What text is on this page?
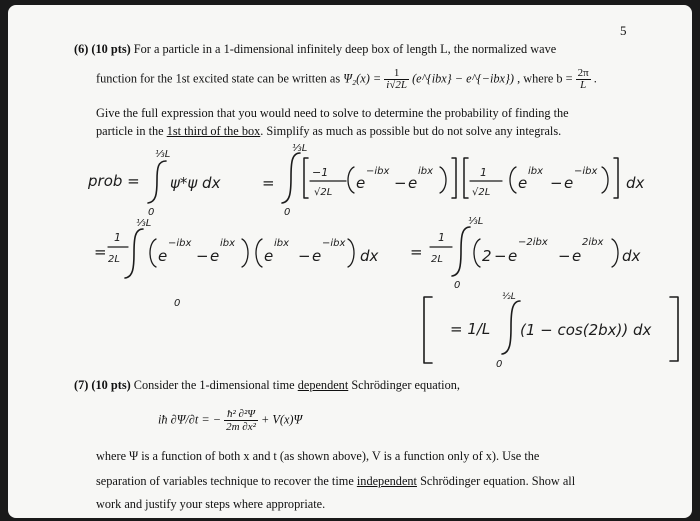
5
(6) (10 pts) For a particle in a 1-dimensional infinitely deep box of length L, the normalized wave
function for the 1st excited state can be written as $\Psi_2(x) = \frac{1}{i√2L}$ (e^{ibx} − e^{−ibx}) , where $b = \frac{2\pi}{L}$ .
Give the full expression that you would need to solve to determine the probability of finding the
particle in the 1st third of the box. Simplify as much as possible but do not solve any integrals.
prob =
⅓L
0
ψ*ψ dx	=
⅓L
0
−1
√2L
e
−ibx
− e
ibx	1
√2L
e
ibx
− e
−ibx
dx
=
1
2L
⅓L
0
e
−ibx
− e
ibx
e
ibx
− e
−ibx
dx =
1
2L
⅓L
0
2 − e
−2ibx
− e
2ibx
dx
= 1/L
½L
0
(1 − cos(2bx)) dx
(7) (10 pts) Consider the 1-dimensional time dependent Schrödinger equation,
iħ ∂Ψ/∂t = − $\frac{\text{ħ² ∂²Ψ}}{\text{2m ∂x²}} + V(x)\Psi$
where Ψ is a function of both x and t (as shown above), V is a function only of x). Use the
separation of variables technique to recover the time independent Schrödinger equation. Show all
work and justify your steps where appropriate.
